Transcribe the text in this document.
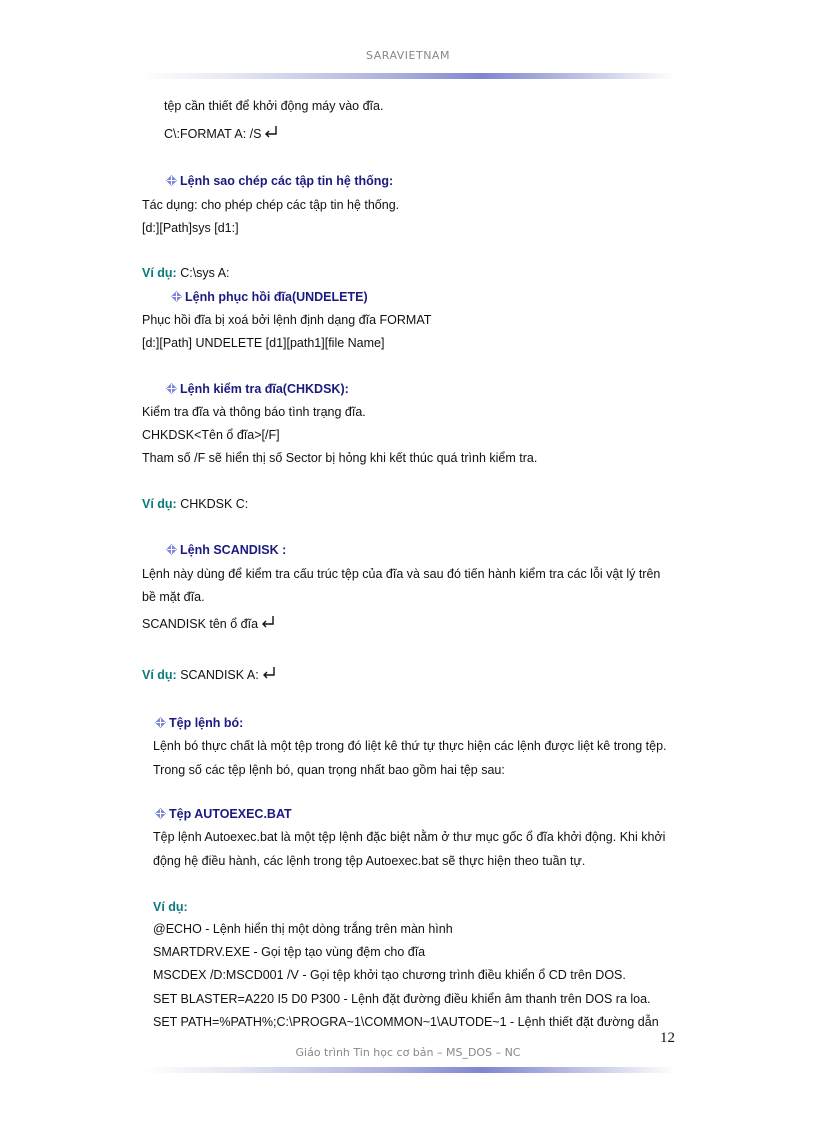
SARAVIETNAM
tệp cần thiết để khởi động máy vào đĩa.
C\:FORMAT A: /S
Lệnh sao chép các tập tin hệ thống:
Tác dụng: cho phép chép các tập tin hệ thống.
[d:][Path]sys [d1:]
Ví dụ: C:\sys A:
Lệnh phục hồi đĩa(UNDELETE)
Phục hồi đĩa bị xoá bởi lệnh định dạng đĩa FORMAT
[d:][Path] UNDELETE [d1][path1][file Name]
Lệnh kiểm tra đĩa(CHKDSK):
Kiểm tra đĩa và thông báo tình trạng đĩa.
CHKDSK<Tên ổ đĩa>[/F]
Tham số /F sẽ hiển thị số Sector bị hỏng khi kết thúc quá trình kiểm tra.
Ví dụ: CHKDSK C:
Lệnh SCANDISK :
Lệnh này dùng để kiểm tra cấu trúc tệp của đĩa và sau đó tiến hành kiểm tra các lỗi vật lý trên
bề mặt đĩa.
SCANDISK tên ổ đĩa
Ví dụ: SCANDISK A:
Tệp lệnh bó:
Lệnh bó thực chất là một tệp trong đó liệt kê thứ tự thực hiện các lệnh được liệt kê trong tệp.
Trong số các tệp lệnh bó, quan trọng nhất bao gồm hai tệp sau:
Tệp AUTOEXEC.BAT
Tệp lệnh Autoexec.bat là một tệp lệnh đặc biệt nằm ở thư mục gốc ổ đĩa khởi động. Khi khởi
động hệ điều hành, các lệnh trong tệp Autoexec.bat sẽ thực hiện theo tuần tự.
Ví dụ:
@ECHO - Lệnh hiển thị một dòng trắng trên màn hình
SMARTDRV.EXE - Gọi tệp tạo vùng đệm cho đĩa
MSCDEX /D:MSCD001 /V - Gọi tệp khởi tạo chương trình điều khiển ổ CD trên DOS.
SET BLASTER=A220 I5 D0 P300 - Lệnh đặt đường điều khiển âm thanh trên DOS ra loa.
SET PATH=%PATH%;C:\PROGRA~1\COMMON~1\AUTODE~1 - Lệnh thiết đặt đường dẫn
12
Giáo trình Tin học cơ bản – MS_DOS – NC
